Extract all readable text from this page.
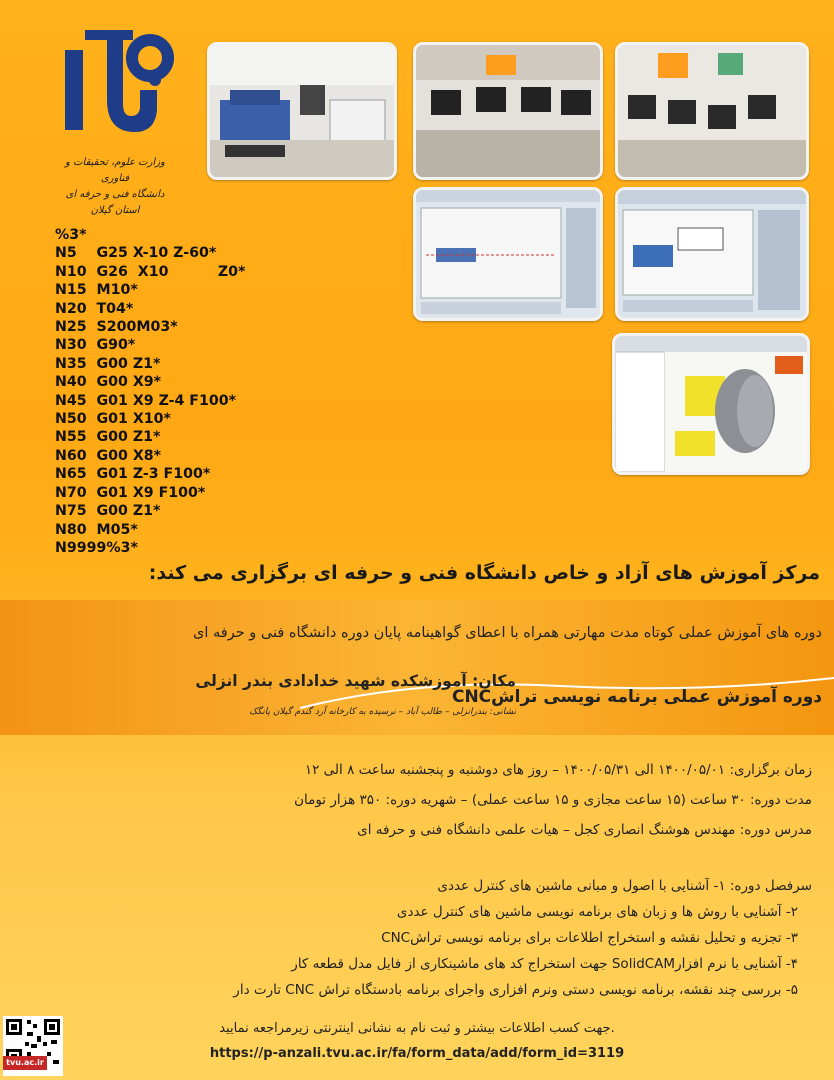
وزارت علوم، تحقیقات و فناوری
دانشگاه فنی و حرفه ای
استان گیلان

%3*

N5    G25 X-10 Z-60*

N10  G26  X10          Z0*

N15  M10*

N20  T04*

N25  S200M03*

N30  G90*

N35  G00 Z1*

N40  G00 X9*

N45  G01 X9 Z-4 F100*

N50  G01 X10*

N55  G00 Z1*

N60  G00 X8*

N65  G01 Z-3 F100*

N70  G01 X9 F100*

N75  G00 Z1*

N80  M05*

N9999%3*

مرکز آموزش های آزاد و خاص دانشگاه فنی و حرفه ای برگزاری می کند:
دوره های آموزش عملی کوتاه مدت مهارتی همراه با اعطای گواهینامه پایان دوره دانشگاه فنی و حرفه ای
مکان: آموزشکده شهید خدادادی بندر انزلی
نشانی: بندرانزلی – طالب آباد – نرسیده به کارخانه آرد گندم گیلان پانگک
دوره آموزش عملی برنامه نویسی تراشCNC
زمان برگزاری: ۱۴۰۰/۰۵/۰۱ الی ۱۴۰۰/۰۵/۳۱ – روز های دوشنبه و پنجشنبه ساعت ۸ الی ۱۲
مدت دوره: ۳۰ ساعت (۱۵ ساعت مجازی و ۱۵ ساعت عملی) – شهریه دوره: ۳۵۰ هزار تومان
مدرس دوره: مهندس هوشنگ انصاری کجل – هیات علمی دانشگاه فنی و حرفه ای
سرفصل دوره: ۱- آشنایی با اصول و مبانی ماشین های کنترل عددی
۲- آشنایی با روش ها و زبان های برنامه نویسی ماشین های کنترل عددی
۳- تجزیه و تحلیل نقشه و استخراج اطلاعات برای برنامه نویسی تراشCNC
۴- آشنایی با نرم افزارSolidCAM جهت استخراج کد های ماشینکاری از فایل مدل قطعه کار
۵- بررسی چند نقشه، برنامه نویسی دستی ونرم افزاری واجرای برنامه بادستگاه تراش CNC تارت دار
جهت کسب اطلاعات بیشتر و ثبت نام به نشانی اینترنتی زیرمراجعه نمایید.
https://p-anzali.tvu.ac.ir/fa/form_data/add/form_id=3119
tvu.ac.ir
